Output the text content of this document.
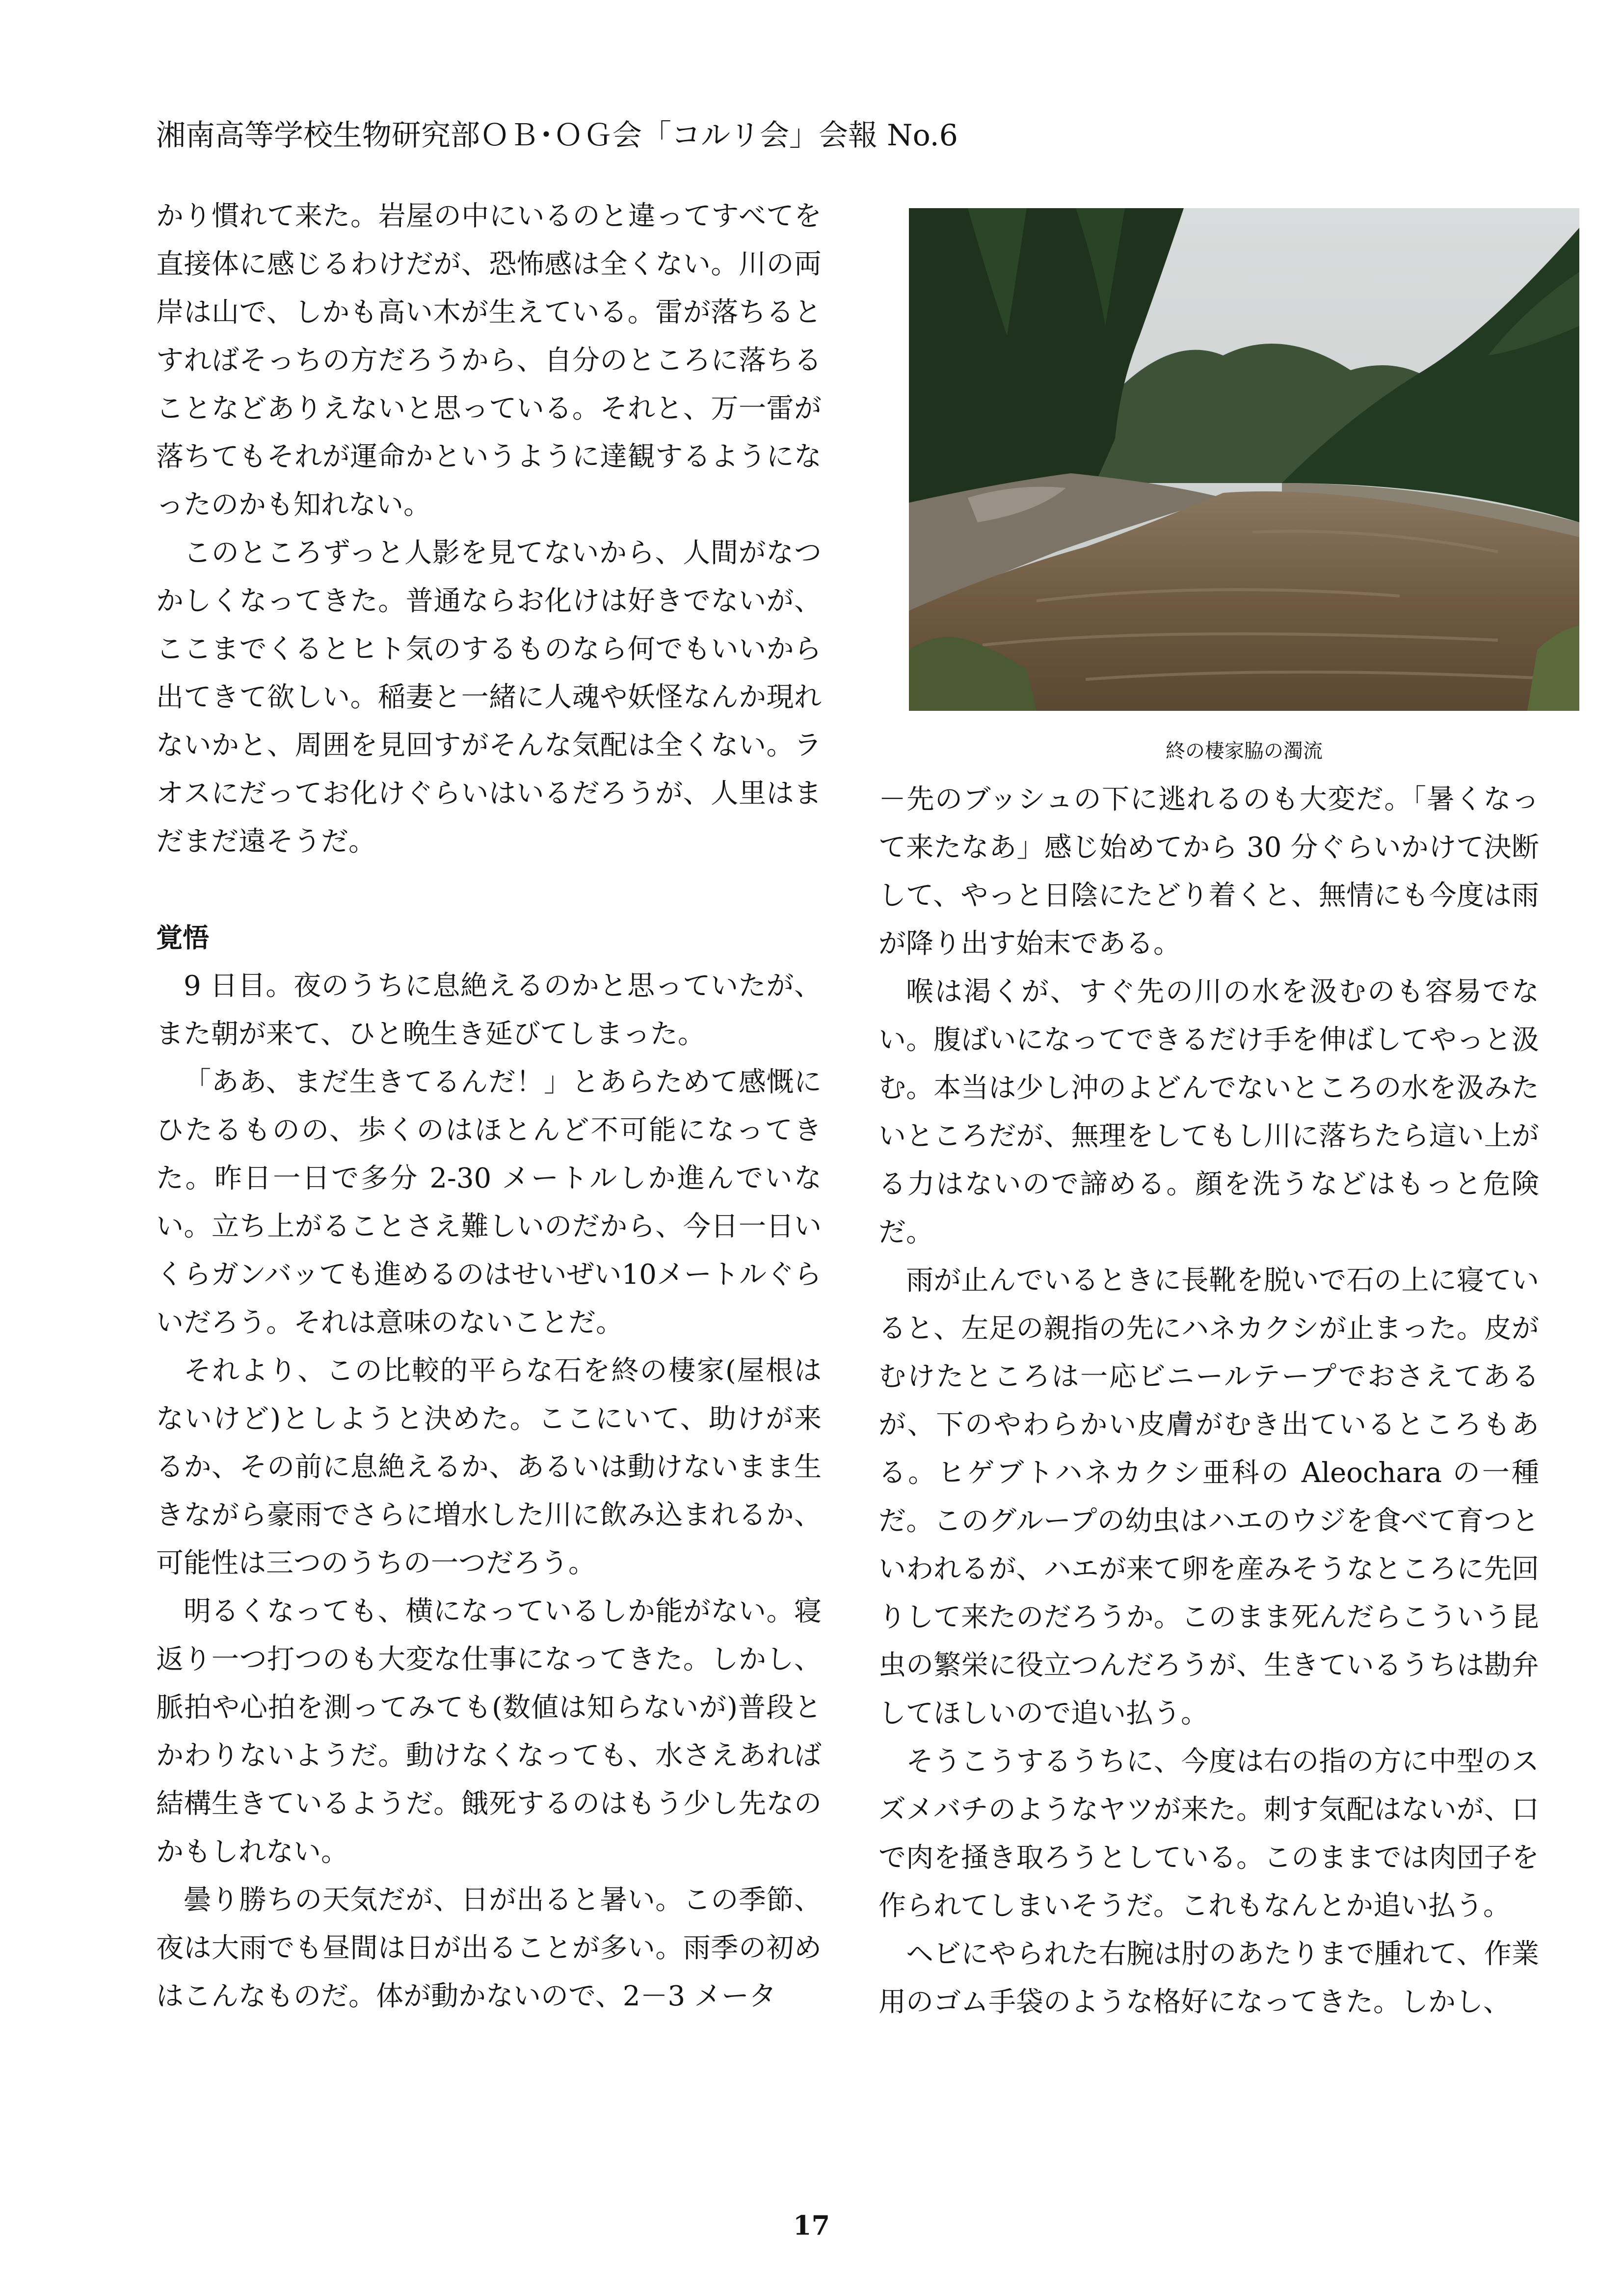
湘南高等学校生物研究部ＯＢ･ＯＧ会「コルリ会」会報 No.6

かり慣れて来た。岩屋の中にいるのと違ってすべてを直接体に感じるわけだが、恐怖感は全くない。川の両岸は山で、しかも高い木が生えている。雷が落ちるとすればそっちの方だろうから、自分のところに落ちることなどありえないと思っている。それと、万一雷が落ちてもそれが運命かというように達観するようになったのかも知れない。

このところずっと人影を見てないから、人間がなつかしくなってきた。普通ならお化けは好きでないが、ここまでくるとヒト気のするものなら何でもいいから出てきて欲しい。稲妻と一緒に人魂や妖怪なんか現れないかと、周囲を見回すがそんな気配は全くない。ラオスにだってお化けぐらいはいるだろうが、人里はまだまだ遠そうだ。

覚悟

9 日目。夜のうちに息絶えるのかと思っていたが、また朝が来て、ひと晩生き延びてしまった。

「ああ、まだ生きてるんだ！」とあらためて感慨にひたるものの、歩くのはほとんど不可能になってきた。昨日一日で多分 2-30 メートルしか進んでいない。立ち上がることさえ難しいのだから、今日一日いくらガンバッても進めるのはせいぜい10メートルぐらいだろう。それは意味のないことだ。

それより、この比較的平らな石を終の棲家(屋根はないけど)としようと決めた。ここにいて、助けが来るか、その前に息絶えるか、あるいは動けないまま生きながら豪雨でさらに増水した川に飲み込まれるか、可能性は三つのうちの一つだろう。

明るくなっても、横になっているしか能がない。寝返り一つ打つのも大変な仕事になってきた。しかし、脈拍や心拍を測ってみても(数値は知らないが)普段とかわりないようだ。動けなくなっても、水さえあれば結構生きているようだ。餓死するのはもう少し先なのかもしれない。

曇り勝ちの天気だが、日が出ると暑い。この季節、夜は大雨でも昼間は日が出ることが多い。雨季の初めはこんなものだ。体が動かないので、2－3 メータ

終の棲家脇の濁流

－先のブッシュの下に逃れるのも大変だ。「暑くなって来たなあ」感じ始めてから 30 分ぐらいかけて決断して、やっと日陰にたどり着くと、無情にも今度は雨が降り出す始末である。

喉は渇くが、すぐ先の川の水を汲むのも容易でない。腹ばいになってできるだけ手を伸ばしてやっと汲む。本当は少し沖のよどんでないところの水を汲みたいところだが、無理をしてもし川に落ちたら這い上がる力はないので諦める。顔を洗うなどはもっと危険だ。

雨が止んでいるときに長靴を脱いで石の上に寝ていると、左足の親指の先にハネカクシが止まった。皮がむけたところは一応ビニールテープでおさえてあるが、下のやわらかい皮膚がむき出ているところもある。ヒゲブトハネカクシ亜科の Aleochara の一種だ。このグループの幼虫はハエのウジを食べて育つといわれるが、ハエが来て卵を産みそうなところに先回りして来たのだろうか。このまま死んだらこういう昆虫の繁栄に役立つんだろうが、生きているうちは勘弁してほしいので追い払う。

そうこうするうちに、今度は右の指の方に中型のスズメバチのようなヤツが来た。刺す気配はないが、口で肉を掻き取ろうとしている。このままでは肉団子を作られてしまいそうだ。これもなんとか追い払う。

ヘビにやられた右腕は肘のあたりまで腫れて、作業用のゴム手袋のような格好になってきた。しかし、

17
